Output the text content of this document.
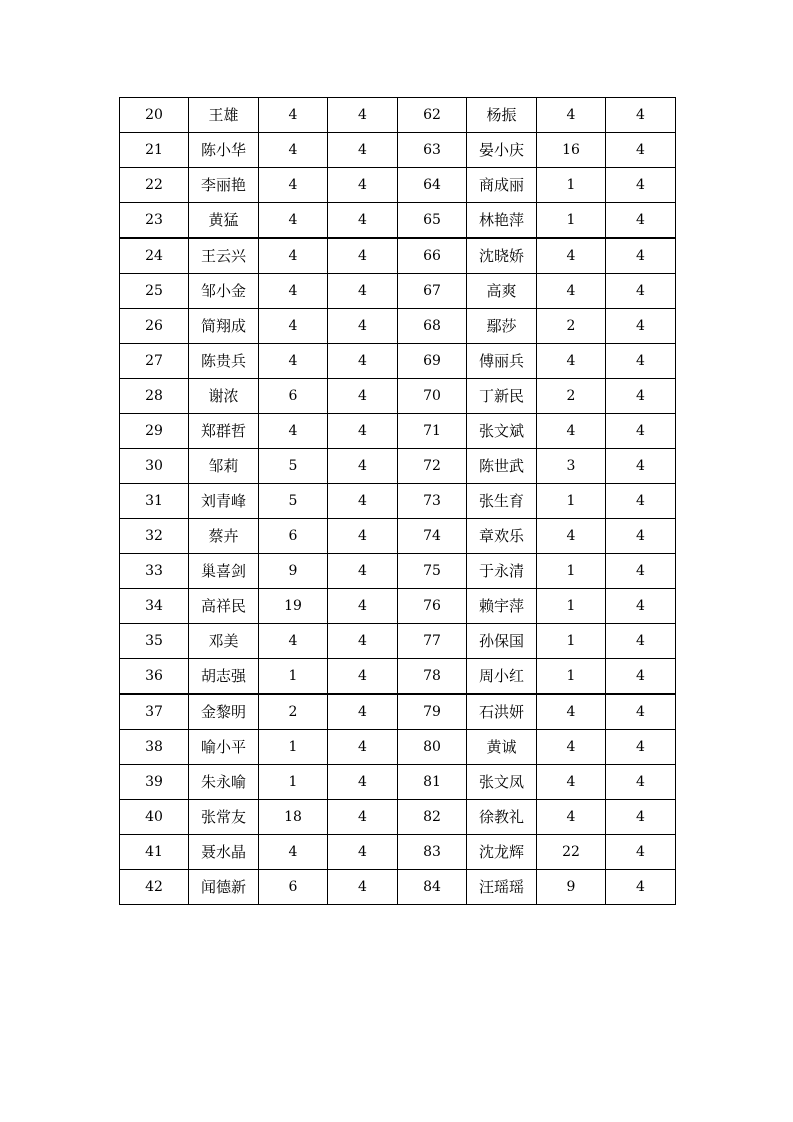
20	王雄	4	4	62	杨振	4	4
21	陈小华	4	4	63	晏小庆	16	4
22	李丽艳	4	4	64	商成丽	1	4
23	黄猛	4	4	65	林艳萍	1	4
24	王云兴	4	4	66	沈晓娇	4	4
25	邹小金	4	4	67	高爽	4	4
26	简翔成	4	4	68	鄢莎	2	4
27	陈贵兵	4	4	69	傅丽兵	4	4
28	谢浓	6	4	70	丁新民	2	4
29	郑群哲	4	4	71	张文斌	4	4
30	邹莉	5	4	72	陈世武	3	4
31	刘青峰	5	4	73	张生育	1	4
32	蔡卉	6	4	74	章欢乐	4	4
33	巢喜剑	9	4	75	于永清	1	4
34	高祥民	19	4	76	赖宇萍	1	4
35	邓美	4	4	77	孙保国	1	4
36	胡志强	1	4	78	周小红	1	4
37	金黎明	2	4	79	石洪妍	4	4
38	喻小平	1	4	80	黄诚	4	4
39	朱永喻	1	4	81	张文凤	4	4
40	张常友	18	4	82	徐教礼	4	4
41	聂水晶	4	4	83	沈龙辉	22	4
42	闻德新	6	4	84	汪瑶瑶	9	4
